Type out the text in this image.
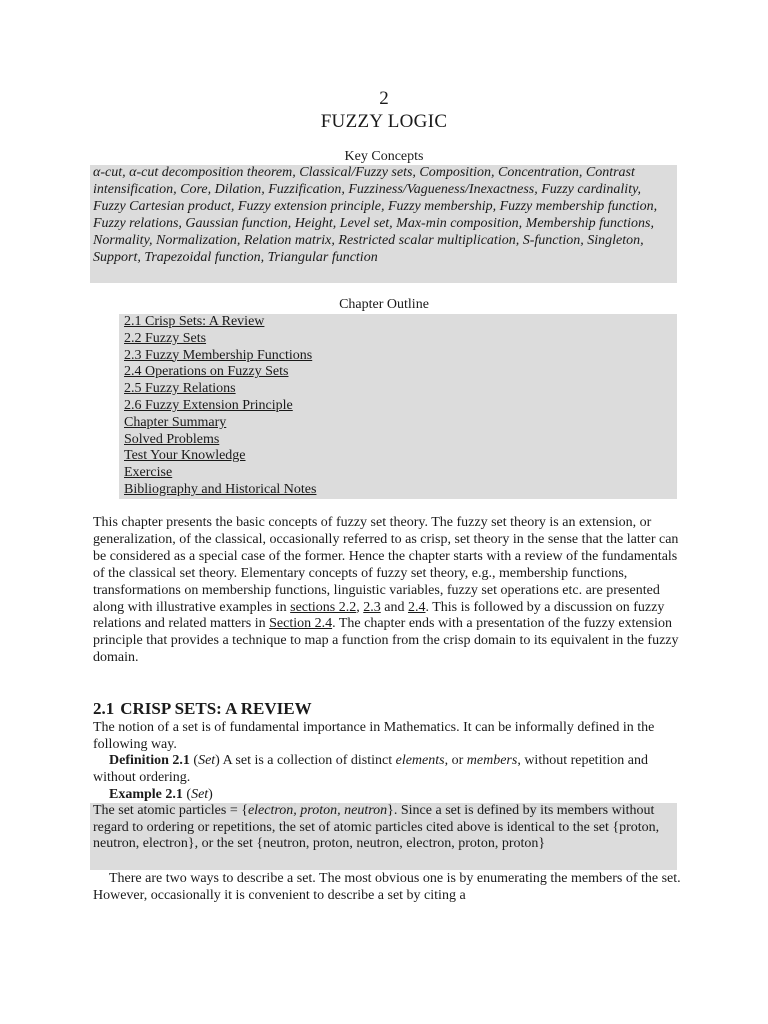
2
FUZZY LOGIC
Key Concepts
α-cut, α-cut decomposition theorem, Classical/Fuzzy sets, Composition, Concentration, Contrast intensification, Core, Dilation, Fuzzification, Fuzziness/Vagueness/Inexactness, Fuzzy cardinality, Fuzzy Cartesian product, Fuzzy extension principle, Fuzzy membership, Fuzzy membership function, Fuzzy relations, Gaussian function, Height, Level set, Max-min composition, Membership functions, Normality, Normalization, Relation matrix, Restricted scalar multiplication, S-function, Singleton, Support, Trapezoidal function, Triangular function
Chapter Outline
2.1 Crisp Sets: A Review
2.2 Fuzzy Sets
2.3 Fuzzy Membership Functions
2.4 Operations on Fuzzy Sets
2.5 Fuzzy Relations
2.6 Fuzzy Extension Principle
Chapter Summary
Solved Problems
Test Your Knowledge
Exercise
Bibliography and Historical Notes

This chapter presents the basic concepts of fuzzy set theory. The fuzzy set theory is an extension, or generalization, of the classical, occasionally referred to as crisp, set theory in the sense that the latter can be considered as a special case of the former. Hence the chapter starts with a review of the fundamentals of the classical set theory. Elementary concepts of fuzzy set theory, e.g., membership functions, transformations on membership functions, linguistic variables, fuzzy set operations etc. are presented along with illustrative examples in sections 2.2, 2.3 and 2.4. This is followed by a discussion on fuzzy relations and related matters in Section 2.4. The chapter ends with a presentation of the fuzzy extension principle that provides a technique to map a function from the crisp domain to its equivalent in the fuzzy domain.

2.1 CRISP SETS: A REVIEW

The notion of a set is of fundamental importance in Mathematics. It can be informally defined in the following way.

Definition 2.1 (Set) A set is a collection of distinct elements, or members, without repetition and without ordering.

Example 2.1 (Set)

The set atomic particles = {electron, proton, neutron}. Since a set is defined by its members without regard to ordering or repetitions, the set of atomic particles cited above is identical to the set {proton, neutron, electron}, or the set {neutron, proton, neutron, electron, proton, proton}

There are two ways to describe a set. The most obvious one is by enumerating the members of the set. However, occasionally it is convenient to describe a set by citing a
